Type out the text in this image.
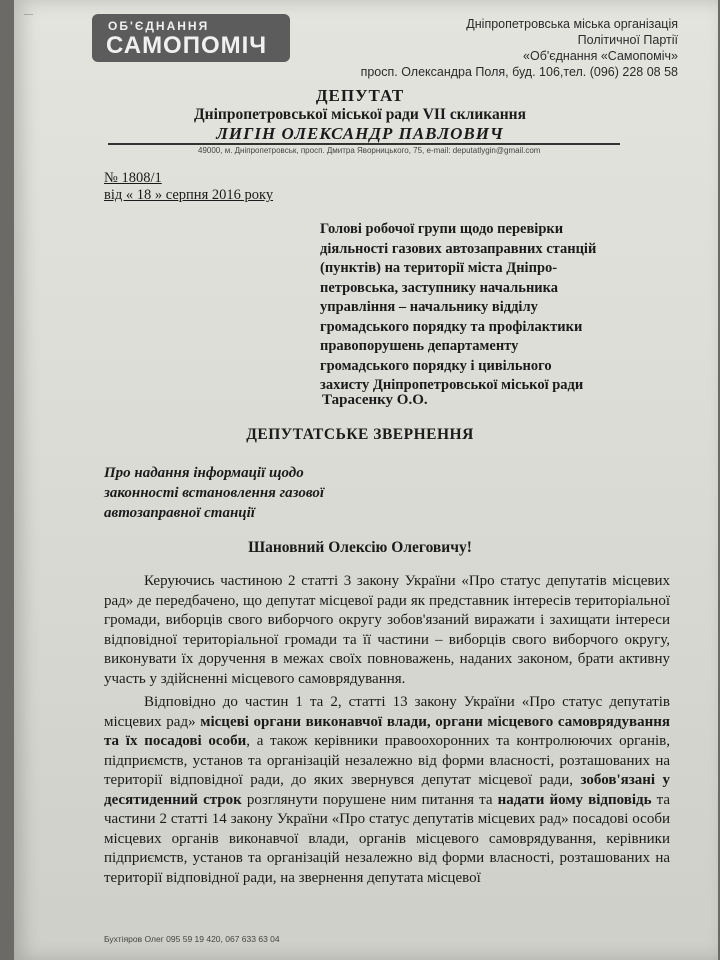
—
ОБ'ЄДНАННЯ
САМОПОМІЧ
Дніпропетровська міська організація
Політичної Партії
«Об'єднання «Самопоміч»
просп. Олександра Поля, буд. 106,тел. (096) 228 08 58
ДЕПУТАТ
Дніпропетровської міської ради VII скликання
ЛИГІН ОЛЕКСАНДР ПАВЛОВИЧ
49000, м. Дніпропетровськ, просп. Дмитра Яворницького, 75, e-mail: deputatlygin@gmail.com
№ 1808/1
від « 18 » серпня 2016 року
Голові робочої групи щодо перевірки
діяльності газових автозаправних станцій
(пунктів) на території міста Дніпро-
петровська, заступнику начальника
управління – начальнику відділу
громадського порядку та профілактики
правопорушень департаменту
громадського порядку і цивільного
захисту Дніпропетровської міської ради
Тарасенку О.О.
ДЕПУТАТСЬКЕ ЗВЕРНЕННЯ
Про надання інформації щодо
законності встановлення газової
автозаправної станції
Шановний Олексію Олеговичу!

Керуючись частиною 2 статті 3 закону України «Про статус депутатів місцевих рад» де передбачено, що депутат місцевої ради як представник інтересів територіальної громади, виборців свого виборчого округу зобов'язаний виражати і захищати інтереси відповідної територіальної громади та її частини – виборців свого виборчого округу, виконувати їх доручення в межах своїх повноважень, наданих законом, брати активну участь у здійсненні місцевого самоврядування.

Відповідно до частин 1 та 2, статті 13 закону України «Про статус депутатів місцевих рад» місцеві органи виконавчої влади, органи місцевого самоврядування та їх посадові особи, а також керівники правоохоронних та контролюючих органів, підприємств, установ та організацій незалежно від форми власності, розташованих на території відповідної ради, до яких звернувся депутат місцевої ради, зобов'язані у десятиденний строк розглянути порушене ним питання та надати йому відповідь та частини 2 статті 14 закону України «Про статус депутатів місцевих рад» посадові особи місцевих органів виконавчої влади, органів місцевого самоврядування, керівники підприємств, установ та організацій незалежно від форми власності, розташованих на території відповідної ради, на звернення депутата місцевої

Бухтіяров Олег 095 59 19 420, 067 633 63 04
